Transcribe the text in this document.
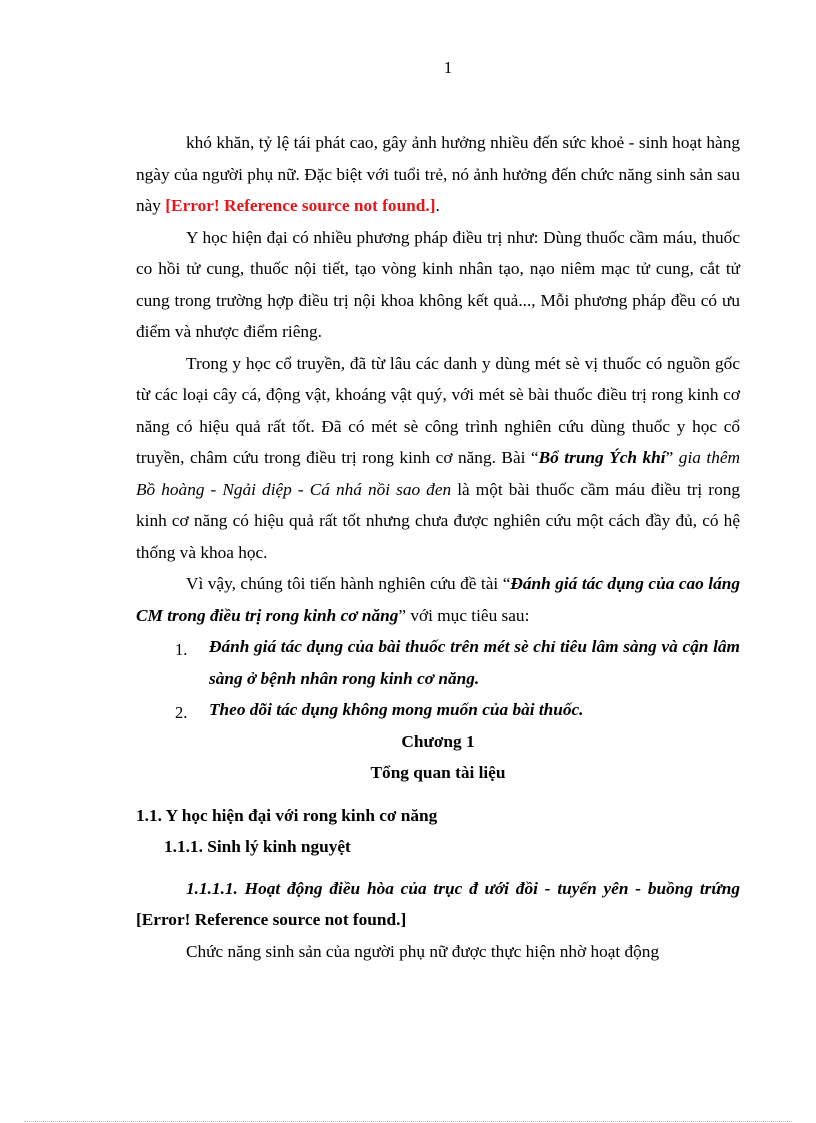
1

khó khăn, tỷ lệ tái phát cao, gây ảnh hưởng nhiều đến sức khoẻ - sinh hoạt hàng ngày của người phụ nữ. Đặc biệt với tuổi trẻ, nó ảnh hưởng đến chức năng sinh sản sau này [Error! Reference source not found.].

Y học hiện đại có nhiều phương pháp điều trị như: Dùng thuốc cầm máu, thuốc co hồi tử cung, thuốc nội tiết, tạo vòng kinh nhân tạo, nạo niêm mạc tử cung, cắt tử cung trong trường hợp điều trị nội khoa không kết quả..., Mỗi phương pháp đều có ưu điểm và nhược điểm riêng.

Trong y học cổ truyền, đã từ lâu các danh y dùng mét sè vị thuốc có nguồn gốc từ các loại cây cá, động vật, khoáng vật quý, với mét sè bài thuốc điều trị rong kinh cơ năng có hiệu quả rất tốt. Đã có mét sè công trình nghiên cứu dùng thuốc y học cổ truyền, châm cứu trong điều trị rong kinh cơ năng. Bài “Bổ trung Ých khí” gia thêm Bồ hoàng - Ngải diệp - Cá nhá nồi sao đen là một bài thuốc cầm máu điều trị rong kinh cơ năng có hiệu quả rất tốt nhưng chưa được nghiên cứu một cách đầy đủ, có hệ thống và khoa học.

Vì vậy, chúng tôi tiến hành nghiên cứu đề tài “Đánh giá tác dụng của cao láng CM trong điều trị rong kinh cơ năng” với mục tiêu sau:

1. Đánh giá tác dụng của bài thuốc trên mét sè chỉ tiêu lâm sàng và cận lâm sàng ở bệnh nhân rong kinh cơ năng.
2. Theo dõi tác dụng không mong muốn của bài thuốc.

Chương 1

Tổng quan tài liệu

1.1. Y học hiện đại với rong kinh cơ năng

1.1.1. Sinh lý kinh nguyệt

1.1.1.1. Hoạt động điều hòa của trục đ ưới đồi - tuyến yên - buồng trứng [Error! Reference source not found.]

Chức năng sinh sản của người phụ nữ được thực hiện nhờ hoạt động
